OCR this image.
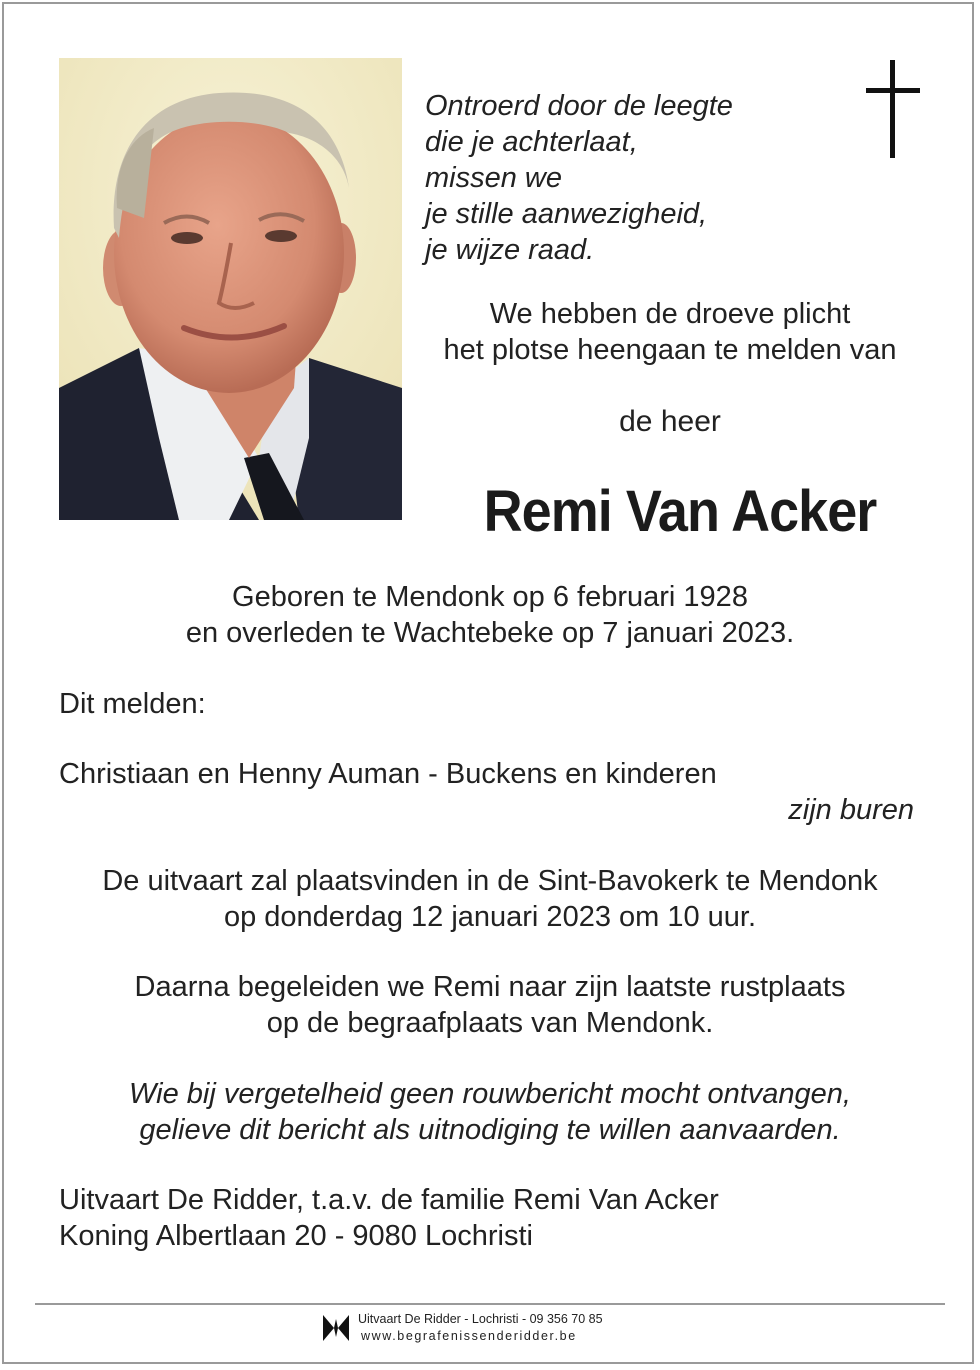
Ontroerd door de leegte
die je achterlaat,
missen we
je stille aanwezigheid,
je wijze raad.
We hebben de droeve plicht
het plotse heengaan te melden van
de heer
Remi Van Acker
Geboren te Mendonk op 6 februari 1928
en overleden te Wachtebeke op 7 januari 2023.
Dit melden:
Christiaan en Henny Auman - Buckens en kinderen
zijn buren
De uitvaart zal plaatsvinden in de Sint-Bavokerk te Mendonk
op donderdag 12 januari 2023 om 10 uur.
Daarna begeleiden we Remi naar zijn laatste rustplaats
op de begraafplaats van Mendonk.
Wie bij vergetelheid geen rouwbericht mocht ontvangen,
gelieve dit bericht als uitnodiging te willen aanvaarden.
Uitvaart De Ridder, t.a.v. de familie Remi Van Acker
Koning Albertlaan 20 - 9080 Lochristi
Uitvaart De Ridder - Lochristi - 09 356 70 85
www.begrafenissenderidder.be
